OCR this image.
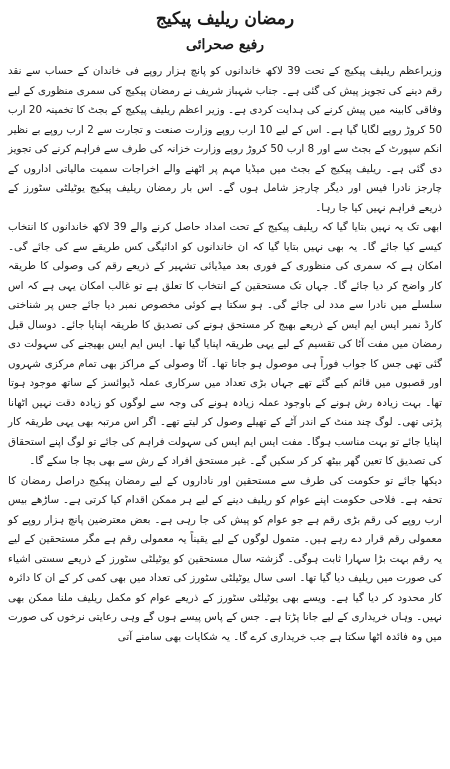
رمضان ریلیف پیکیج
رفیع صحرائی

وزیراعظم ریلیف پیکیج کے تحت 39 لاکھ خاندانوں کو پانچ ہزار روپے فی خاندان کے حساب سے نقد رقم دینے کی تجویز پیش کی گئی ہے۔ جناب شہباز شریف نے رمضان پیکیج کی سمری منظوری کے لیے وفاقی کابینہ میں پیش کرنے کی ہدایت کردی ہے۔ وزیر اعظم ریلیف پیکیج کے بجٹ کا تخمینہ 20 ارب 50 کروڑ روپے لگایا گیا ہے۔ اس کے لیے 10 ارب روپے وزارت صنعت و تجارت سے 2 ارب روپے بے نظیر انکم سپورٹ کے بجٹ سے اور 8 ارب 50 کروڑ روپے وزارت خزانہ کی طرف سے فراہم کرنے کی تجویز دی گئی ہے۔ ریلیف پیکیج کے بجٹ میں میڈیا مہم پر اٹھنے والے اخراجات سمیت مالیاتی اداروں کے چارجز نادرا فیس اور دیگر چارجز شامل ہوں گے۔ اس بار رمضان ریلیف پیکیج یوٹیلٹی سٹورز کے ذریعے فراہم نہیں کیا جا رہا۔

ابھی تک یہ نہیں بتایا گیا کہ ریلیف پیکیج کے تحت امداد حاصل کرنے والے 39 لاکھ خاندانوں کا انتخاب کیسے کیا جائے گا۔ یہ بھی نہیں بتایا گیا کہ ان خاندانوں کو ادائیگی کس طریقے سے کی جائے گی۔ امکان ہے کہ سمری کی منظوری کے فوری بعد میڈیائی تشہیر کے ذریعے رقم کی وصولی کا طریقہ کار واضح کر دیا جائے گا۔ جہاں تک مستحقین کے انتخاب کا تعلق ہے تو غالب امکان یہی ہے کہ اس سلسلے میں نادرا سے مدد لی جائے گی۔ ہو سکتا ہے کوئی مخصوص نمبر دیا جائے جس پر شناختی کارڈ نمبر ایس ایم ایس کے ذریعے بھیج کر مستحق ہونے کی تصدیق کا طریقہ اپنایا جائے۔ دوسال قبل رمضان میں مفت آٹا کی تقسیم کے لیے یہی طریقہ اپنایا گیا تھا۔ ایس ایم ایس بھیجنے کی سہولت دی گئی تھی جس کا جواب فوراً ہی موصول ہو جاتا تھا۔ آٹا وصولی کے مراکز بھی تمام مرکزی شہروں اور قصبوں میں قائم کیے گئے تھے جہاں بڑی تعداد میں سرکاری عملہ ڈیوائسز کے ساتھ موجود ہوتا تھا۔ بہت زیادہ رش ہونے کے باوجود عملہ زیادہ ہونے کی وجہ سے لوگوں کو زیادہ دقت نہیں اٹھانا پڑتی تھی۔ لوگ چند منٹ کے اندر آٹے کے تھیلے وصول کر لیتے تھے۔ اگر اس مرتبہ بھی یہی طریقہ کار اپنایا جائے تو بہت مناسب ہوگا۔ مفت ایس ایم ایس کی سہولت فراہم کی جائے تو لوگ اپنے استحقاق کی تصدیق کا تعین گھر بیٹھ کر کر سکیں گے۔ غیر مستحق افراد کے رش سے بھی بچا جا سکے گا۔

دیکھا جائے تو حکومت کی طرف سے مستحقین اور ناداروں کے لیے رمضان پیکیج دراصل رمضان کا تحفہ ہے۔ فلاحی حکومت اپنے عوام کو ریلیف دینے کے لیے ہر ممکن اقدام کیا کرتی ہے۔ ساڑھے بیس ارب روپے کی رقم بڑی رقم ہے جو عوام کو پیش کی جا رہی ہے۔ بعض معترضین پانچ ہزار روپے کو معمولی رقم قرار دے رہے ہیں۔ متمول لوگوں کے لیے یقیناً یہ معمولی رقم ہے مگر مستحقین کے لیے یہ رقم بہت بڑا سہارا ثابت ہوگی۔ گزشتہ سال مستحقین کو یوٹیلٹی سٹورز کے ذریعے سستی اشیاء کی صورت میں ریلیف دیا گیا تھا۔ اسی سال یوٹیلٹی سٹورز کی تعداد میں بھی کمی کر کے ان کا دائرہ کار محدود کر دیا گیا ہے۔ ویسے بھی یوٹیلٹی سٹورز کے ذریعے عوام کو مکمل ریلیف ملنا ممکن بھی نہیں۔ وہاں خریداری کے لیے جانا پڑتا ہے۔ جس کے پاس پیسے ہوں گے وہی رعایتی نرخوں کی صورت میں وہ فائدہ اٹھا سکتا ہے جب خریداری کرے گا۔ یہ شکایات بھی سامنے آتی
